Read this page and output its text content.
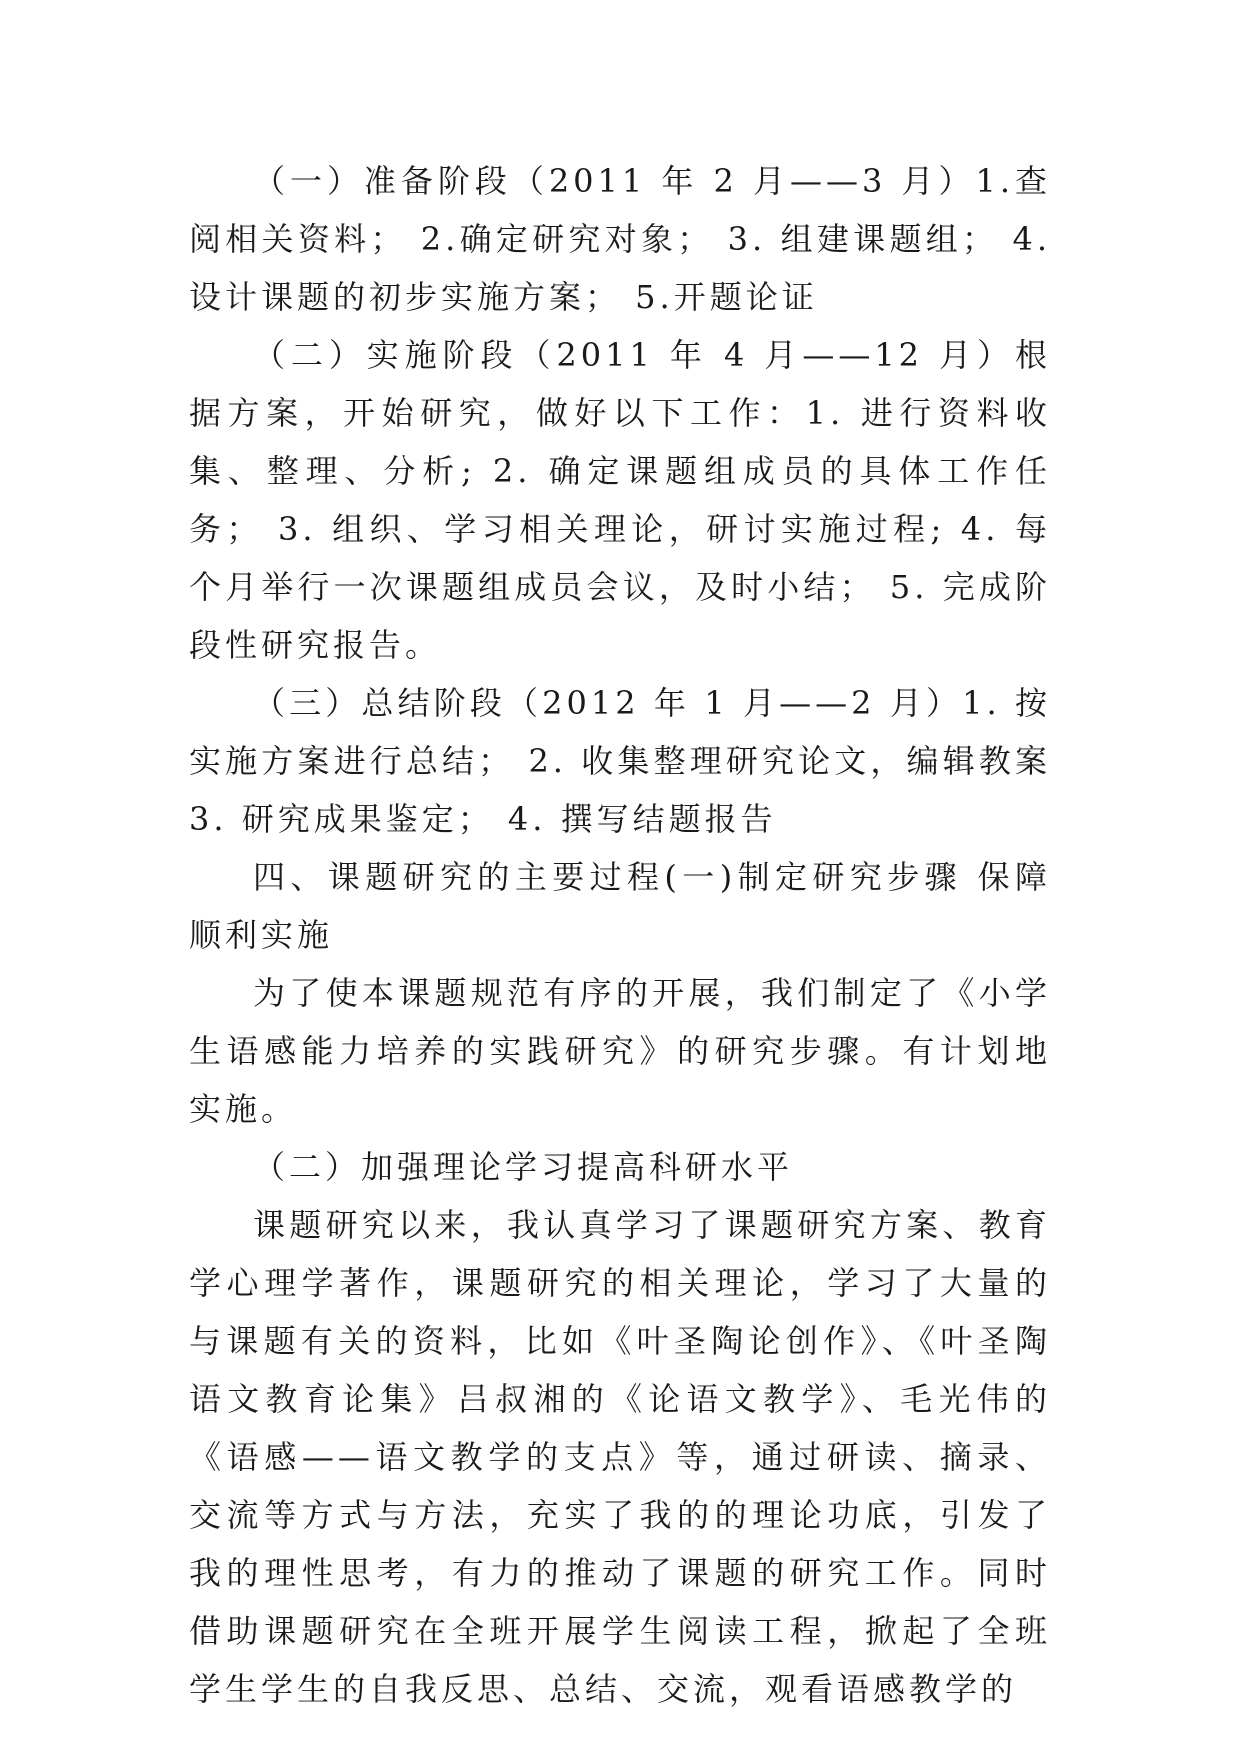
（一）准备阶段（2011 年 2 月——3 月）1.查阅相关资料； 2.确定研究对象； 3. 组建课题组； 4. 设计课题的初步实施方案； 5.开题论证

（二）实施阶段（2011 年 4 月——12 月）根据方案，开始研究，做好以下工作：1. 进行资料收集、整理、分析; 2. 确定课题组成员的具体工作任务； 3. 组织、学习相关理论，研讨实施过程; 4. 每个月举行一次课题组成员会议，及时小结； 5. 完成阶段性研究报告。

（三）总结阶段（2012 年 1 月——2 月）1. 按实施方案进行总结； 2. 收集整理研究论文，编辑教案 3. 研究成果鉴定； 4. 撰写结题报告

四、课题研究的主要过程(一)制定研究步骤 保障顺利实施

为了使本课题规范有序的开展，我们制定了《小学生语感能力培养的实践研究》的研究步骤。有计划地实施。

（二）加强理论学习提高科研水平

课题研究以来，我认真学习了课题研究方案、教育学心理学著作，课题研究的相关理论，学习了大量的与课题有关的资料，比如《叶圣陶论创作》、《叶圣陶语文教育论集》吕叔湘的《论语文教学》、毛光伟的《语感——语文教学的支点》等，通过研读、摘录、交流等方式与方法，充实了我的的理论功底，引发了我的理性思考，有力的推动了课题的研究工作。同时借助课题研究在全班开展学生阅读工程，掀起了全班学生学生的自我反思、总结、交流，观看语感教学的
